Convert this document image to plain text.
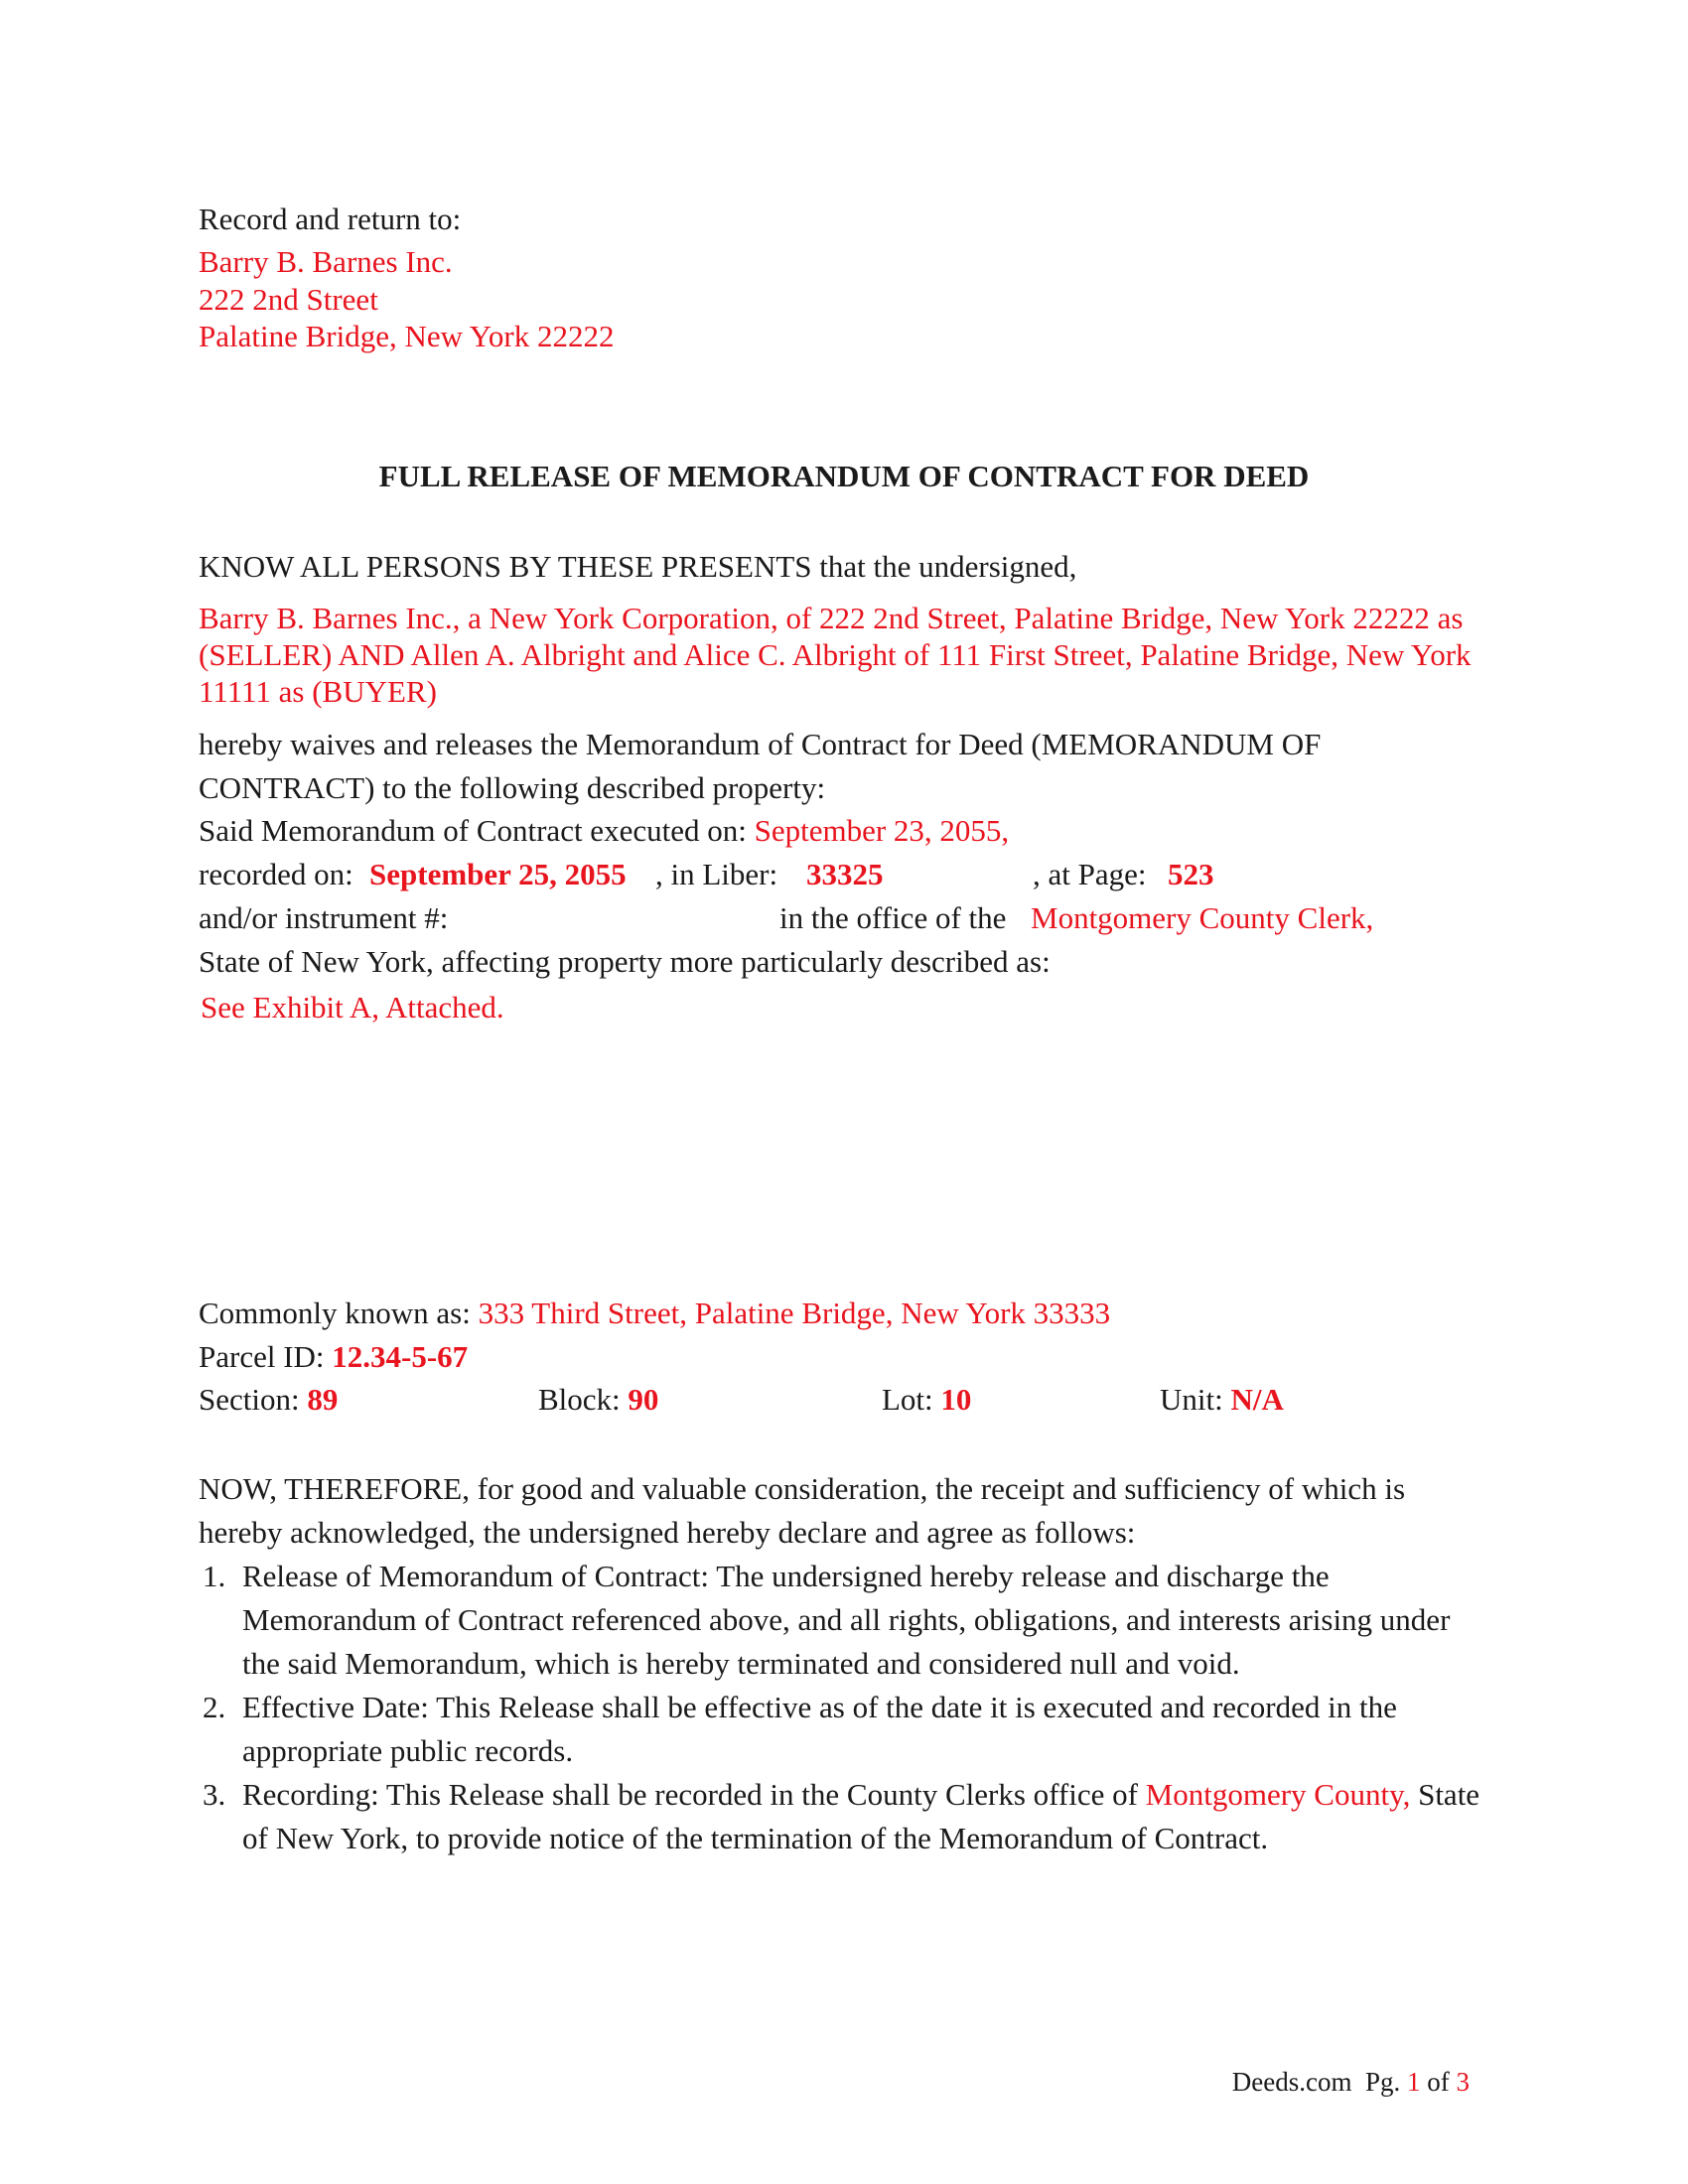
Record and return to:
Barry B. Barnes Inc.
222 2nd Street
Palatine Bridge, New York 22222
FULL RELEASE OF MEMORANDUM OF CONTRACT FOR DEED
KNOW ALL PERSONS BY THESE PRESENTS that the undersigned,
Barry B. Barnes Inc., a New York Corporation, of 222 2nd Street, Palatine Bridge, New York 22222 as (SELLER) AND Allen A. Albright and Alice C. Albright of 111 First Street, Palatine Bridge, New York 11111 as (BUYER)
hereby waives and releases the Memorandum of Contract for Deed (MEMORANDUM OF CONTRACT) to the following described property:
Said Memorandum of Contract executed on: September 23, 2055,
recorded on: September 25, 2055 , in Liber: 33325	, at Page: 523
and/or instrument #:	in the office of the Montgomery County Clerk,
State of New York, affecting property more particularly described as:
See Exhibit A, Attached.
Commonly known as: 333 Third Street, Palatine Bridge, New York 33333
Parcel ID: 12.34-5-67
Section: 89	Block: 90	Lot: 10	Unit: N/A
NOW, THEREFORE, for good and valuable consideration, the receipt and sufficiency of which is hereby acknowledged, the undersigned hereby declare and agree as follows:
1. Release of Memorandum of Contract: The undersigned hereby release and discharge the Memorandum of Contract referenced above, and all rights, obligations, and interests arising under the said Memorandum, which is hereby terminated and considered null and void.
2. Effective Date: This Release shall be effective as of the date it is executed and recorded in the appropriate public records.
3. Recording: This Release shall be recorded in the County Clerks office of Montgomery County, State of New York, to provide notice of the termination of the Memorandum of Contract.
Deeds.com Pg. 1 of 3
